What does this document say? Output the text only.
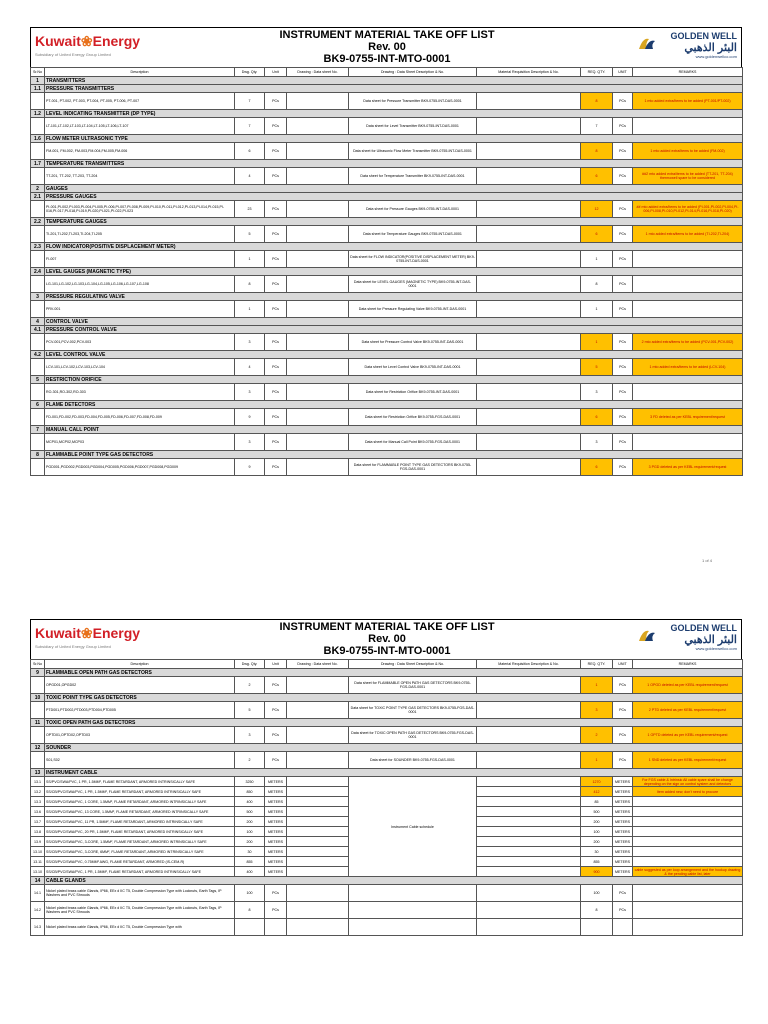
Kuwait❀Energy
Subsidiary of United Energy Group Limited
INSTRUMENT MATERIAL TAKE OFF LIST
Rev. 00
BK9-0755-INT-MTO-0001
GOLDEN WELL
البئر الذهبي
www.goldenwellco.com
Sr.No	Description	Dwg. Qty.	Unit	Drawing : Data sheet No.	Drawing : Data Sheet Description & No.	Material Requisition Description & No.	REQ. QTY.	UNIT	REMARKS
1	TRANSMITTERS								
1.1	PRESSURE TRANSMITTERS								
	PT-001, PT-002, PT-003, PT-004, PT-005, PT-006, PT-007	7	PCs		Data sheet for Pressure Transmitter BK9-0755-INT-DAS-0001		8	PCs	1 mto added extra/items to be added (PT-001/PT-002)
1.2	LEVEL INDICATING TRANSMITTER (DP TYPE)								
	LT-101,LT-102,LT-103,LT-104,LT-105,LT-106,LT-107	7	PCs		Data sheet for Level Transmitter BK9-0755-INT-DAS-0001		7	PCs	
1.6	FLOW METER ULTRASONIC TYPE								
	FM-001, FM-002, FM-003,FM-004,FM-005,FM-006	6	PCs		Data sheet for Ultrasonic Flow Meter Transmitter BK9-0755-INT-DAS-0001		8	PCs	1 mto added extra/items to be added (FM-002)
1.7	TEMPERATURE TRANSMITTERS								
	TT-201, TT-202, TT-203, TT-204	4	PCs		Data sheet for Temperature Transmitter BK9-0755-INT-DAS-0001		6	PCs	##2 mto added extra/items to be added (TT-201, TT-204) thermowell spare to be considered
2	GAUGES								
2.1	PRESSURE GAUGES								
	PI-001,PI-002,PI-003,PI-004,PI-005,PI-006,PI-007,PI-008,PI-009,PI-010,PI-011,PI-012,PI-013,PI-014,PI-015,PI-016,PI-017,PI-018,PI-019,PI-020,PI-021,PI-022,PI-023	23	PCs		Data sheet for Pressure Gauges BK9-0755-INT-DAS-0001		12	PCs	## mto added extra/items to be added (PI-001,PI-002,PI-004,PI-006,PI-008,PI-010,PI-012,PI-014,PI-016,PI-018,PI-020)
2.2	TEMPERATURE GAUGES								
	TI-201,TI-202,TI-203,TI-204,TI-205	5	PCs		Data sheet for Temperature Gauges BK9-0755-INT-DAS-0001		6	PCs	1 mto added extra/items to be added (TI-202,TI-204)
2.3	FLOW INDICATOR(POSITIVE DISPLACEMENT METER)								
	FI-007	1	PCs		Data sheet for FLOW INDICATOR(POSITIVE DISPLACEMENT METER) BK9-0755-INT-DAS-0001		1	PCs	
2.4	LEVEL GAUGES (MAGNETIC TYPE)								
	LG-101,LG-102,LG-103,LG-104,LG-105,LG-106,LG-107,LG-108	8	PCs		Data sheet for LEVEL GAUGES (MAGNETIC TYPE) BK9-0755-INT-DAS-0001		8	PCs	
3	PRESSURE REGULATING VALVE								
	PRV-001	1	PCs		Data sheet for Pressure Regulating Valve BK9-0755-INT-DAS-0001		1	PCs	
4	CONTROL VALVE								
4.1	PRESSURE CONTROL VALVE								
	PCV-001,PCV-002,PCV-003	3	PCs		Data sheet for Pressure Control Valve BK9-0755-INT-DAS-0001		1	PCs	2 mto added extra/items to be added (PCV-001,PCV-002)
4.2	LEVEL CONTROL VALVE								
	LCV-101,LCV-102,LCV-103,LCV-104	4	PCs		Data sheet for Level Control Valve BK9-0755-INT-DAS-0001		5	PCs	1 mto added extra/items to be added (LCV-104)
5	RESTRICTION ORIFICE								
	RO-301,RO-302,RO-303	3	PCs		Data sheet for Restriction Orifice BK9-0755-INT-DAS-0001		3	PCs	
6	FLAME DETECTORS								
	FD-001,FD-002,FD-003,FD-004,FD-005,FD-006,FD-007,FD-008,FD-009	9	PCs		Data sheet for Restriction Orifice BK9-0755-FGS-DAS-0001		6	PCs	3 FD deleted as per KEBL requirement/request
7	MANUAL CALL POINT								
	MCP01,MCP02,MCP03	3	PCs		Data sheet for Manual Call Point BK9-0755-FGS-DAS-0001		3	PCs	
8	FLAMMABLE POINT TYPE GAS DETECTORS								
	PGD001,PGD002,PGD003,PGD004,PGD005,PGD006,PGD007,PGD008,PGD009	9	PCs		Data sheet for FLAMMABLE POINT TYPE GAS DETECTORS BK9-0755-FGS-DAS-0001		6	PCs	3 PGD deleted as per KEBL requirement/request
1 of 4
Kuwait❀Energy
Subsidiary of United Energy Group Limited
INSTRUMENT MATERIAL TAKE OFF LIST
Rev. 00
BK9-0755-INT-MTO-0001
GOLDEN WELL
البئر الذهبي
www.goldenwellco.com
Sr.No	Description	Dwg. Qty.	Unit	Drawing : Data sheet No.	Drawing : Data Sheet Description & No.	Material Requisition Description & No.	REQ. QTY.	UNIT	REMARKS
9	FLAMMABLE OPEN PATH GAS DETECTORS								
	OPGD01,OPGD02	2	PCs		Data sheet for FLAMMABLE OPEN PATH GAS DETECTORS BK9-0755-FGS-DAS-0001		1	PCs	1 OPGD deleted as per KEBL requirement/request
10	TOXIC POINT TYPE GAS DETECTORS								
	PTD001,PTD002,PTD003,PTD004,PTD005	5	PCs		Data sheet for TOXIC POINT TYPE GAS DETECTORS BK9-0755-FGS-DAS-0001		3	PCs	2 PTD deleted as per KEBL requirement/request
11	TOXIC OPEN PATH GAS DETECTORS								
	OPTD01,OPTD02,OPTD03	3	PCs		Data sheet for TOXIC OPEN PATH GAS DETECTORS BK9-0755-FGS-DAS-0001		2	PCs	1 OPTD deleted as per KEBL requirement/request
12	SOUNDER								
	S01,S02	2	PCs		Data sheet for SOUNDER BK9-0755-FGS-DAS-0001		1	PCs	1 SND deleted as per KEBL requirement/request
13	INSTRUMENT CABLE								
13.1	SS/PVC/SWA/PVC, 1 PR, 1.5MM², FLAME RETARDANT, ARMORED INTRINSICALLY SAFE	3250	METERS		Instrument Cable schedule		1270	METERS	For FGS cable & Intrinsic All cable spare shall be change depending on the sign on control system and detectors
13.2	SS/CB/PVC/SWA/PVC, 1 PR, 1.5MM², FLAME RETARDANT, ARMORED INTRINSICALLY SAFE	850	METERS				412	METERS	Item added new, don't need to procure
13.3	SS/CB/PVC/SWA/PVC, 1 CORE, 1.5MM², FLAME RETARDANT, ARMORED INTRINSICALLY SAFE	400	METERS				85	METERS	
13.6	SS/CB/PVC/SWA/PVC, 13 CORE, 1.5MM², FLAME RETARDANT, ARMORED INTRINSICALLY SAFE	500	METERS				500	METERS	
13.7	SS/CB/PVC/SWA/PVC, 11 PR, 1.5MM², FLAME RETARDANT, ARMORED INTRINSICALLY SAFE	200	METERS				200	METERS	
13.8	SS/CB/PVC/SWA/PVC, 20 PR, 1.5MM², FLAME RETARDANT, ARMORED INTRINSICALLY SAFE	100	METERS				100	METERS	
13.9	SS/CB/PVC/SWA/PVC, 3-CORE, 1.5MM², FLAME RETARDANT, ARMORED INTRINSICALLY SAFE	200	METERS				200	METERS	
13.10	SS/CB/PVC/SWA/PVC, 3-CORE, 6MM², FLAME RETARDANT, ARMORED INTRINSICALLY SAFE	30	METERS				30	METERS	
13.11	SS/CB/PVC/SWA/PVC, 0.75MM² AWG, FLAME RETARDANT, ARMORED (IS-CEM-R)	855	METERS				855	METERS	
13.10	SS/CB/PVC/SWA/PVC, 1 PR, 1.5MM², FLAME RETARDANT, ARMORED INTRINSICALLY SAFE	400	METERS				900	METERS	cable suggested as per loop arrangement and the hookup drawing & the pending cable list, later
14	CABLE GLANDS								
14.1	Nickel plated brass cable Glands, IP66, EEx d IIC T5, Double Compression Type with Locknuts, Earth Tags, IP Washers and PVC Shrouds	100	PCs				100	PCs	
14.2	Nickel plated brass cable Glands, IP66, EEx d IIC T5, Double Compression Type with Locknuts, Earth Tags, IP Washers and PVC Shrouds	8	PCs				8	PCs	
14.3	Nickel plated brass cable Glands, IP66, EEx d IIC T5, Double Compression Type with								
